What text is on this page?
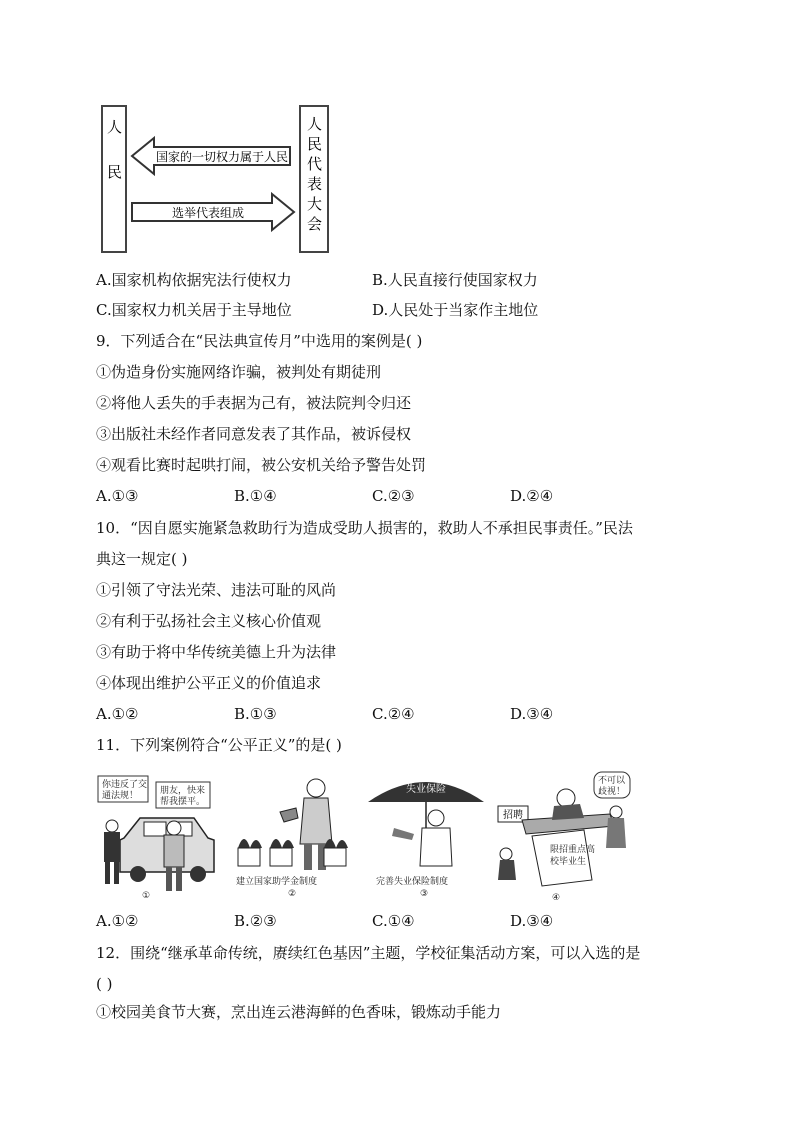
人民	人民代表大会
国家的一切权力属于人民
选举代表组成
A.国家机构依据宪法行使权力	B.人民直接行使国家权力
C.国家权力机关居于主导地位	D.人民处于当家作主地位
9．下列适合在“民法典宣传月”中选用的案例是( )
①伪造身份实施网络诈骗，被判处有期徒刑
②将他人丢失的手表据为己有，被法院判令归还
③出版社未经作者同意发表了其作品，被诉侵权
④观看比赛时起哄打闹，被公安机关给予警告处罚
A.①③	B.①④	C.②③	D.②④
10．“因自愿实施紧急救助行为造成受助人损害的，救助人不承担民事责任。”民法
典这一规定( )
①引领了守法光荣、违法可耻的风尚
②有利于弘扬社会主义核心价值观
③有助于将中华传统美德上升为法律
④体现出维护公平正义的价值追求
A.①②	B.①③	C.②④	D.③④
11．下列案例符合“公平正义”的是( )
你违反了交
通法规！ 朋友，快来
帮我摆平。
①
建立国家助学金制度
②
失业保险
完善失业保险制度
③
招聘
限招重点高
校毕业生
不可以
歧视！
④
A.①②	B.②③	C.①④	D.③④
12．围绕“继承革命传统，赓续红色基因”主题，学校征集活动方案，可以入选的是
( )
①校园美食节大赛，烹出连云港海鲜的色香味，锻炼动手能力
